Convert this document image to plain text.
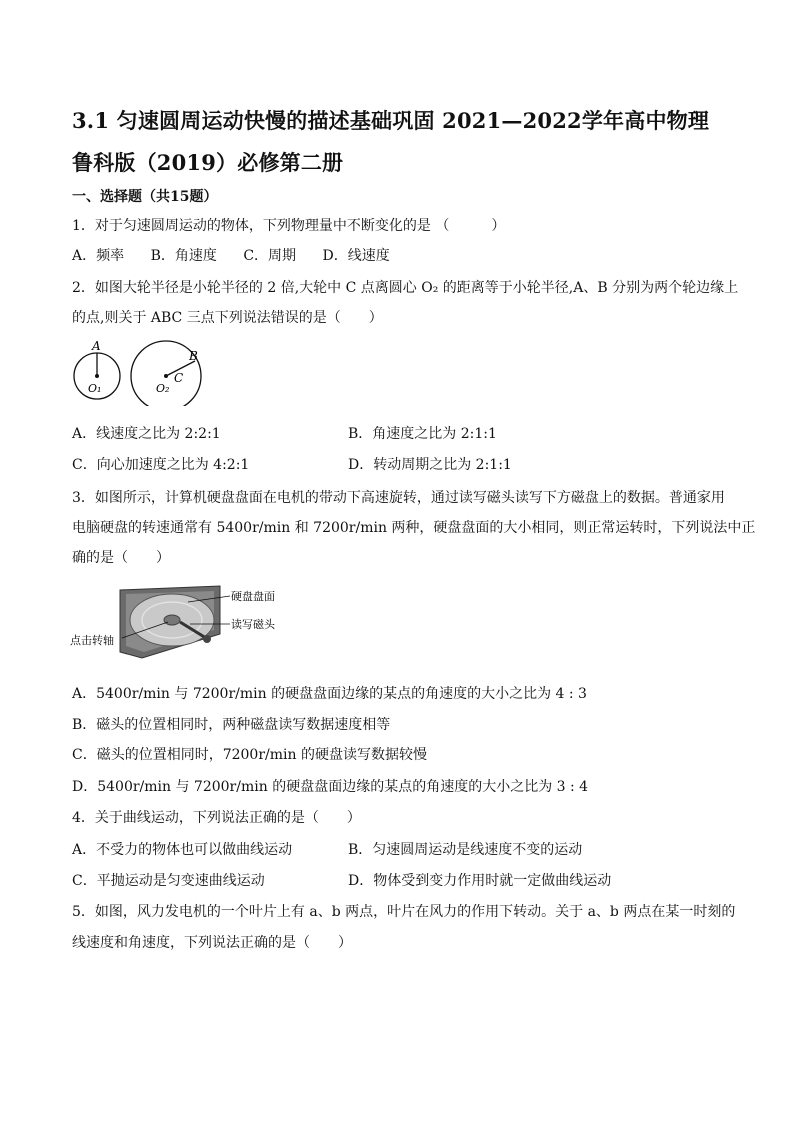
3.1 匀速圆周运动快慢的描述基础巩固 2021—2022学年高中物理鲁科版（2019）必修第二册
一、选择题（共15题）
1．对于匀速圆周运动的物体，下列物理量中不断变化的是 （　　　）
A．频率 B．角速度 C．周期 D．线速度
2．如图大轮半径是小轮半径的 2 倍,大轮中 C 点离圆心 O₂ 的距离等于小轮半径,A、B 分别为两个轮边缘上
的点,则关于 ABC 三点下列说法错误的是（　　）
A
B
C
O₁	O₂
A．线速度之比为 2:2:1	B．角速度之比为 2:1:1
C．向心加速度之比为 4:2:1	D．转动周期之比为 2:1:1
3．如图所示，计算机硬盘盘面在电机的带动下高速旋转，通过读写磁头读写下方磁盘上的数据。普通家用
电脑硬盘的转速通常有 5400r/min 和 7200r/min 两种，硬盘盘面的大小相同，则正常运转时，下列说法中正
确的是（　　）
硬盘盘面
读写磁头
点击转轴
A．5400r/min 与 7200r/min 的硬盘盘面边缘的某点的角速度的大小之比为 4 : 3
B．磁头的位置相同时，两种磁盘读写数据速度相等
C．磁头的位置相同时，7200r/min 的硬盘读写数据较慢
D．5400r/min 与 7200r/min 的硬盘盘面边缘的某点的角速度的大小之比为 3 : 4
4．关于曲线运动，下列说法正确的是（　　）
A．不受力的物体也可以做曲线运动	B．匀速圆周运动是线速度不变的运动
C．平抛运动是匀变速曲线运动	D．物体受到变力作用时就一定做曲线运动
5．如图，风力发电机的一个叶片上有 a、b 两点，叶片在风力的作用下转动。关于 a、b 两点在某一时刻的
线速度和角速度，下列说法正确的是（　　）
